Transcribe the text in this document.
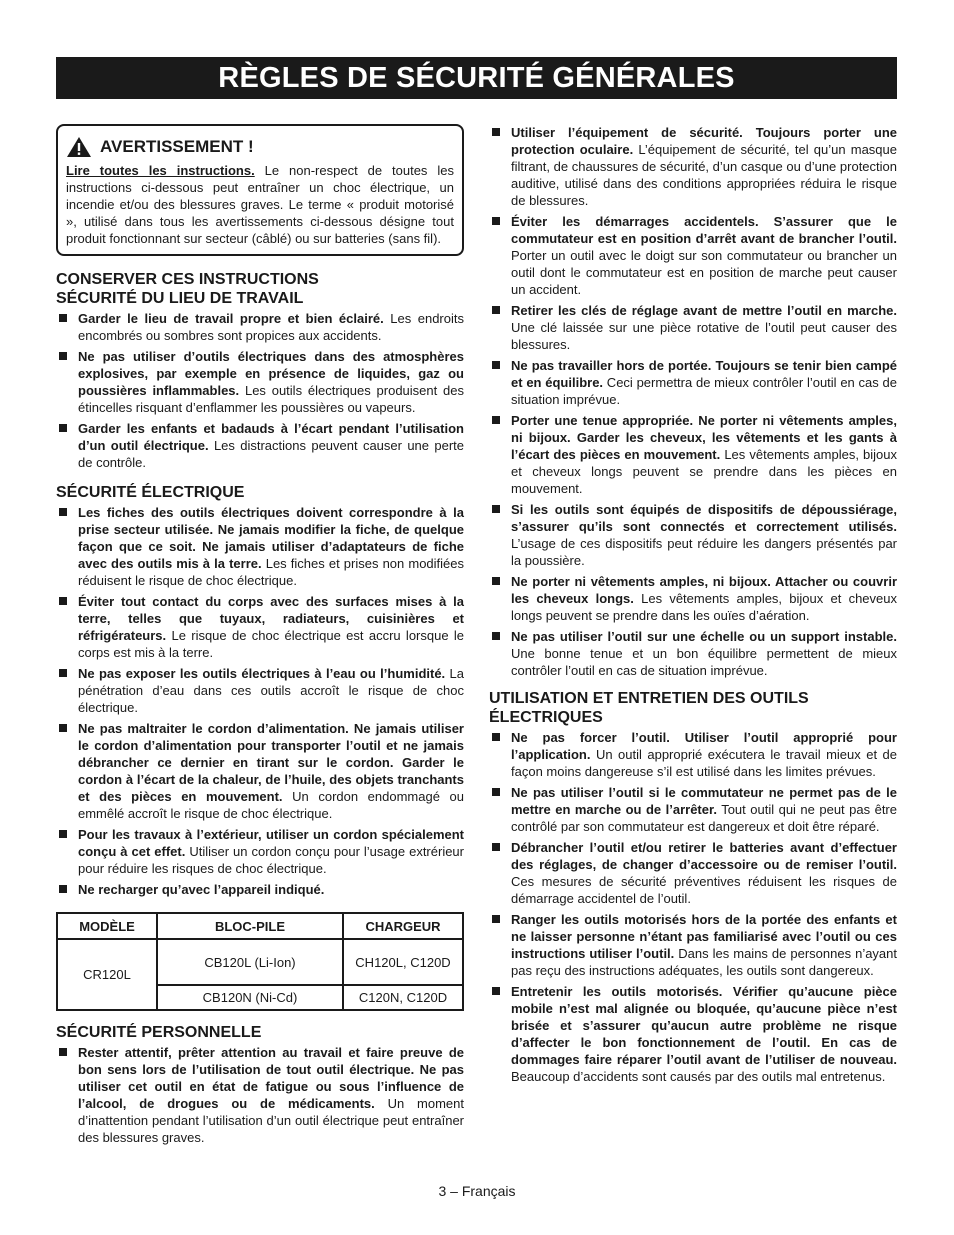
RÈGLES DE SÉCURITÉ GÉNÉRALES
AVERTISSEMENT !
Lire toutes les instructions. Le non-respect de toutes les instructions ci-dessous peut entraîner un choc électrique, un incendie et/ou des blessures graves. Le terme « produit motorisé », utilisé dans tous les avertissements ci-dessous désigne tout produit fonctionnant sur secteur (câblé) ou sur batteries (sans fil).
CONSERVER CES INSTRUCTIONS
SÉCURITÉ DU LIEU DE TRAVAIL
Garder le lieu de travail propre et bien éclairé. Les endroits encombrés ou sombres sont propices aux accidents.
Ne pas utiliser d’outils électriques dans des atmosphères explosives, par exemple en présence de liquides, gaz ou poussières inflammables. Les outils électriques produisent des étincelles risquant d’enflammer les poussières ou vapeurs.
Garder les enfants et badauds à l’écart pendant l’utilisation d’un outil électrique. Les distractions peuvent causer une perte de contrôle.
SÉCURITÉ ÉLECTRIQUE
Les fiches des outils électriques doivent correspondre à la prise secteur utilisée. Ne jamais modifier la fiche, de quelque façon que ce soit. Ne jamais utiliser d’adaptateurs de fiche avec des outils mis à la terre. Les fiches et prises non modifiées réduisent le risque de choc électrique.
Éviter tout contact du corps avec des surfaces mises à la terre, telles que tuyaux, radiateurs, cuisinières et réfrigérateurs. Le risque de choc électrique est accru lorsque le corps est mis à la terre.
Ne pas exposer les outils électriques à l’eau ou l’humidité. La pénétration d’eau dans ces outils accroît le risque de choc électrique.
Ne pas maltraiter le cordon d’alimentation. Ne jamais utiliser le cordon d’alimentation pour transporter l’outil et ne jamais débrancher ce dernier en tirant sur le cordon. Garder le cordon à l’écart de la chaleur, de l’huile, des objets tranchants et des pièces en mouvement. Un cordon endommagé ou emmêlé accroît le risque de choc électrique.
Pour les travaux à l’extérieur, utiliser un cordon spécialement conçu à cet effet. Utiliser un cordon conçu pour l’usage extrérieur pour réduire les risques de choc électrique.
Ne recharger qu’avec l’appareil indiqué.
MODÈLE	BLOC-PILE	CHARGEUR
CR120L	CB120L (Li-Ion)	CH120L, C120D
	CB120N (Ni-Cd)	C120N, C120D
SÉCURITÉ PERSONNELLE
Rester attentif, prêter attention au travail et faire preuve de bon sens lors de l’utilisation de tout outil électrique. Ne pas utiliser cet outil en état de fatigue ou sous l’influence de l’alcool, de drogues ou de médicaments. Un moment d’inattention pendant l’utilisation d’un outil électrique peut entraîner des blessures graves.
Utiliser l’équipement de sécurité. Toujours porter une protection oculaire. L’équipement de sécurité, tel qu’un masque filtrant, de chaussures de sécurité, d’un casque ou d’une protection auditive, utilisé dans des conditions appropriées réduira le risque de blessures.
Éviter les démarrages accidentels. S’assurer que le commutateur est en position d’arrêt avant de brancher l’outil. Porter un outil avec le doigt sur son commutateur ou brancher un outil dont le commutateur est en position de marche peut causer un accident.
Retirer les clés de réglage avant de mettre l’outil en marche. Une clé laissée sur une pièce rotative de l’outil peut causer des blessures.
Ne pas travailler hors de portée. Toujours se tenir bien campé et en équilibre. Ceci permettra de mieux contrôler l’outil en cas de situation imprévue.
Porter une tenue appropriée. Ne porter ni vêtements amples, ni bijoux. Garder les cheveux, les vêtements et les gants à l’écart des pièces en mouvement. Les vêtements amples, bijoux et cheveux longs peuvent se prendre dans les pièces en mouvement.
Si les outils sont équipés de dispositifs de dépoussiérage, s’assurer qu’ils sont connectés et correctement utilisés. L’usage de ces dispositifs peut réduire les dangers présentés par la poussière.
Ne porter ni vêtements amples, ni bijoux. Attacher ou couvrir les cheveux longs. Les vêtements amples, bijoux et cheveux longs peuvent se prendre dans les ouïes d’aération.
Ne pas utiliser l’outil sur une échelle ou un support instable. Une bonne tenue et un bon équilibre permettent de mieux contrôler l’outil en cas de situation imprévue.
UTILISATION ET ENTRETIEN DES OUTILS ÉLECTRIQUES
Ne pas forcer l’outil. Utiliser l’outil approprié pour l’application. Un outil approprié exécutera le travail mieux et de façon moins dangereuse s’il est utilisé dans les limites prévues.
Ne pas utiliser l’outil si le commutateur ne permet pas de le mettre en marche ou de l’arrêter. Tout outil qui ne peut pas être contrôlé par son commutateur est dangereux et doit être réparé.
Débrancher l’outil et/ou retirer le batteries avant d’effectuer des réglages, de changer d’accessoire ou de remiser l’outil. Ces mesures de sécurité préventives réduisent les risques de démarrage accidentel de l’outil.
Ranger les outils motorisés hors de la portée des enfants et ne laisser personne n’étant pas familiarisé avec l’outil ou ces instructions utiliser l’outil. Dans les mains de personnes n’ayant pas reçu des instructions adéquates, les outils sont dangereux.
Entretenir les outils motorisés. Vérifier qu’aucune pièce mobile n’est mal alignée ou bloquée, qu’aucune pièce n’est brisée et s’assurer qu’aucun autre problème ne risque d’affecter le bon fonctionnement de l’outil. En cas de dommages faire réparer l’outil avant de l’utiliser de nouveau. Beaucoup d’accidents sont causés par des outils mal entretenus.
3 – Français
